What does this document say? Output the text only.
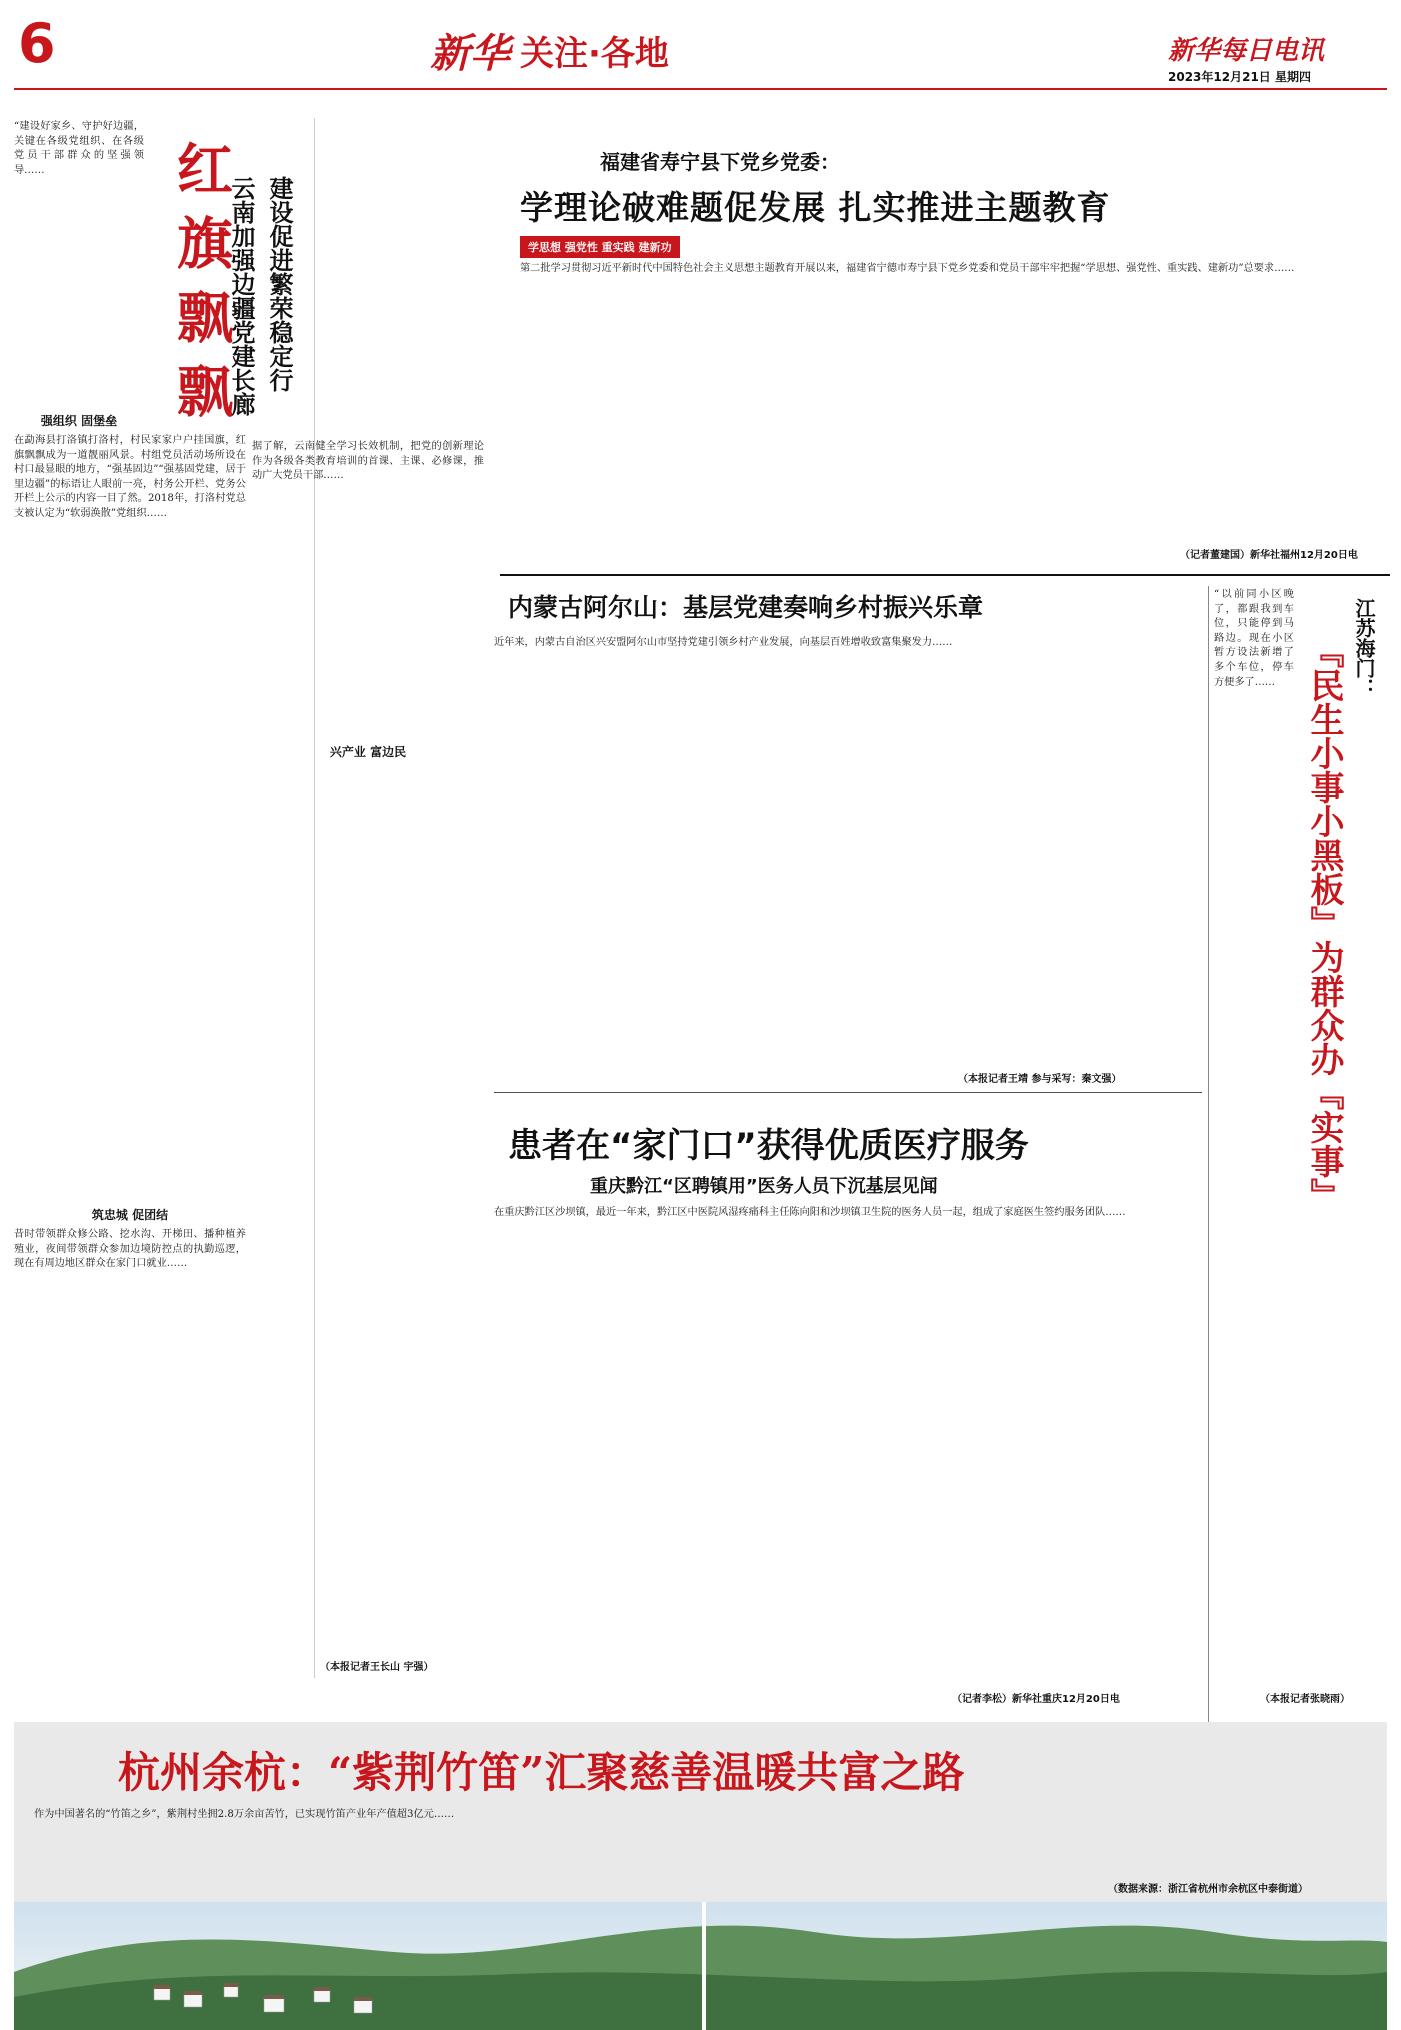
6	新华 关注·各地	新华每日电讯
2023年12月21日 星期四
“建设好家乡、守护好边疆，关键在各级党组织、在各级党员干部群众的坚强领导……
强组织 固堡垒
在勐海县打洛镇打洛村，村民家家户户挂国旗，红旗飘飘成为一道靓丽风景。村组党员活动场所设在村口最显眼的地方，“强基固边”“强基固党建，居于里边疆”的标语让人眼前一亮，村务公开栏、党务公开栏上公示的内容一目了然。2018年，打洛村党总支被认定为“软弱涣散”党组织……
筑忠城 促团结
昔时带领群众修公路、挖水沟、开梯田、播种植养殖业，夜间带领群众参加边境防控点的执勤巡逻，现在有周边地区群众在家门口就业……
红旗飘飘	建设促进繁荣稳定行 云南加强边疆党建长廊
据了解，云南健全学习长效机制，把党的创新理论作为各级各类教育培训的首课、主课、必修课，推动广大党员干部……
兴产业 富边民
（本报记者王长山 宇强）
福建省寿宁县下党乡党委：
学理论破难题促发展 扎实推进主题教育
学思想 强党性 重实践 建新功
第二批学习贯彻习近平新时代中国特色社会主义思想主题教育开展以来，福建省宁德市寿宁县下党乡党委和党员干部牢牢把握“学思想、强党性、重实践、建新功”总要求……
（记者董建国）新华社福州12月20日电
内蒙古阿尔山：基层党建奏响乡村振兴乐章
近年来，内蒙古自治区兴安盟阿尔山市坚持党建引领乡村产业发展，向基层百姓增收致富集聚发力……
（本报记者王靖 参与采写：秦文强）
江苏海门：
『民生小事小黑板』为群众办『实事』
“以前同小区晚了，都跟我到车位，只能停到马路边。现在小区暂方设法新增了多个车位，停车方便多了……
（本报记者张晓雨）
患者在“家门口”获得优质医疗服务
重庆黔江“区聘镇用”医务人员下沉基层见闻
在重庆黔江区沙坝镇，最近一年来，黔江区中医院风湿疼痛科主任陈向阳和沙坝镇卫生院的医务人员一起，组成了家庭医生签约服务团队……
（记者李松）新华社重庆12月20日电
杭州余杭：“紫荆竹笛”汇聚慈善温暖共富之路
作为中国著名的“竹笛之乡”，紫荆村坐拥2.8万余亩苦竹，已实现竹笛产业年产值超3亿元……
（数据来源：浙江省杭州市余杭区中泰街道）
